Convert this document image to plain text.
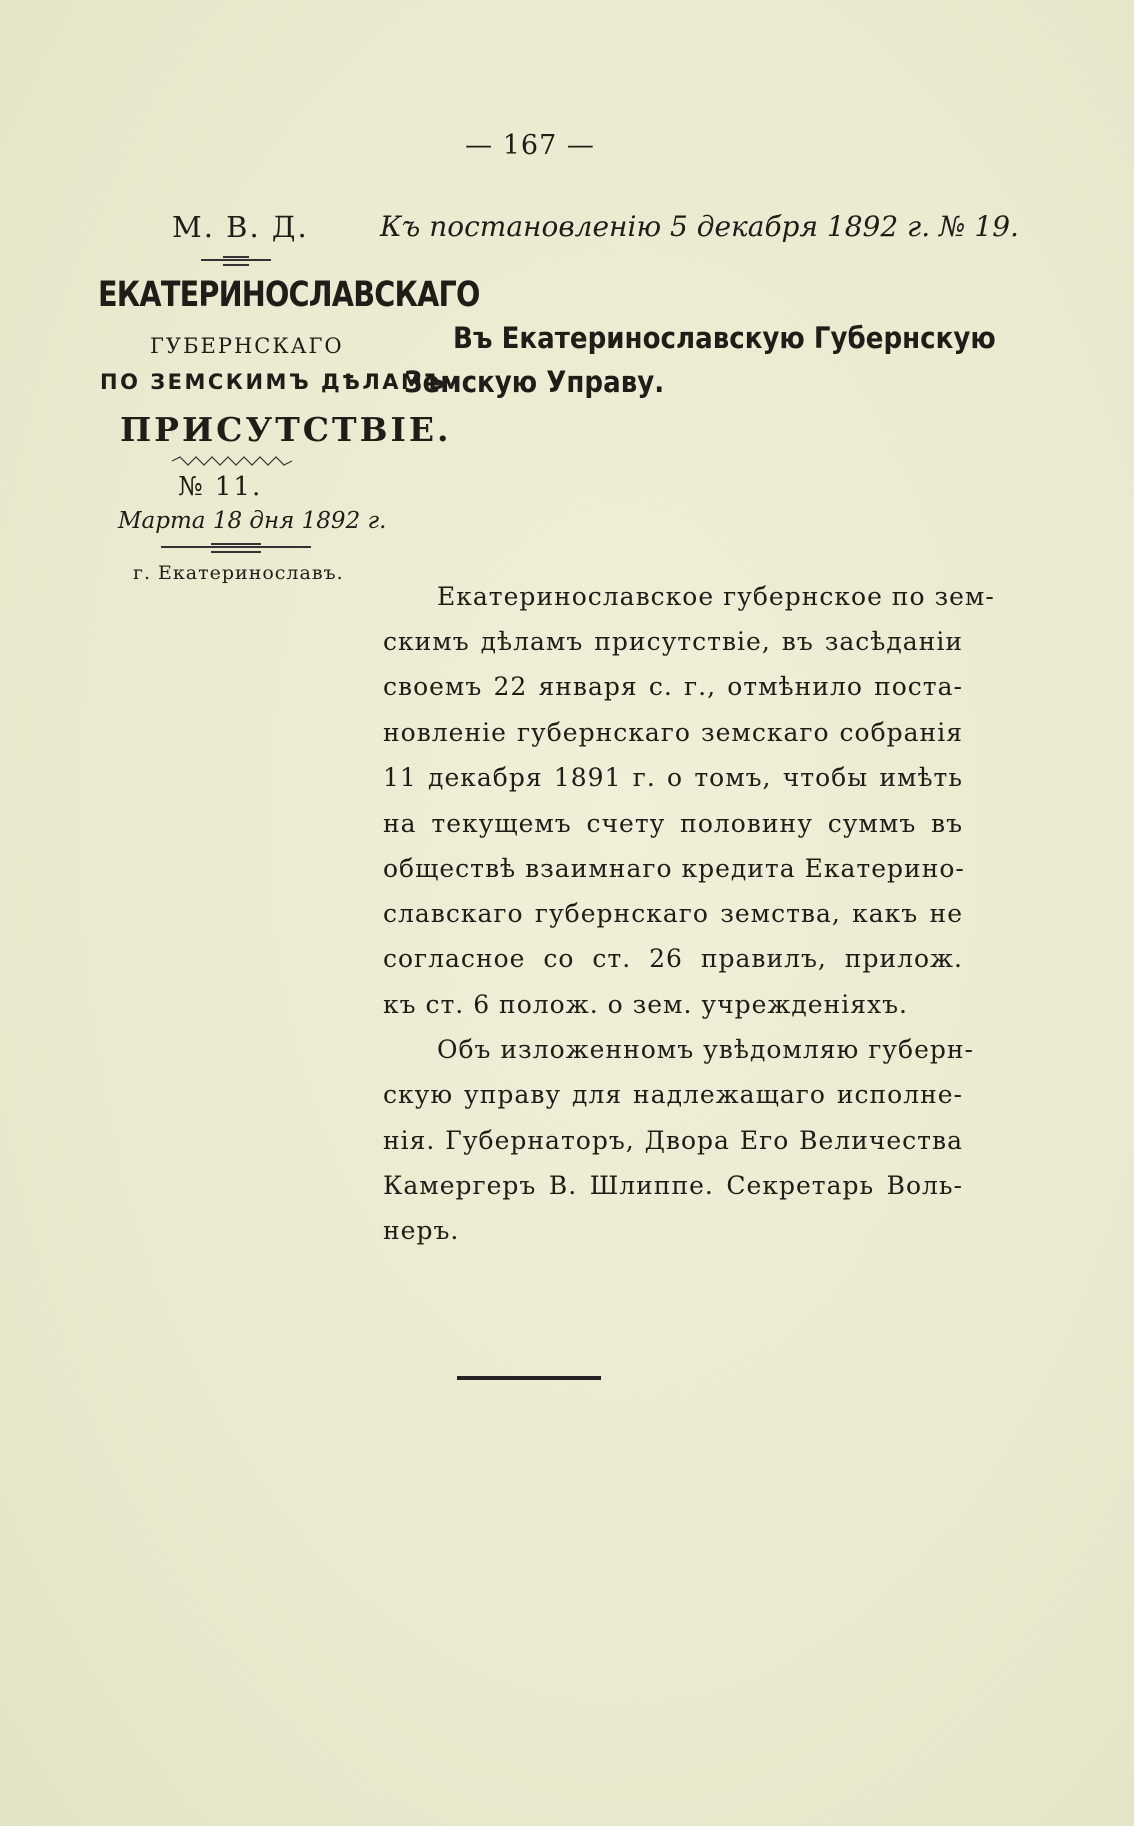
— 167 —
М. В. Д.	Къ постановленію 5 декабря 1892 г. № 19.
ЕКАТЕРИНОСЛАВСКАГО
ГУБЕРНСКАГО
ПО ЗЕМСКИМЪ ДѢЛАМЪ
ПРИСУТСТВІЕ.
№ 11.
Марта 18 дня 1892 г.
г. Екатеринославъ.
Въ Екатеринославскую Губернскую
Земскую Управу.
Екатеринославское губернское по зем-
скимъ дѣламъ присутствіе, въ засѣданіи
своемъ 22 января с. г., отмѣнило поста-
новленіе губернскаго земскаго собранія
11 декабря 1891 г. о томъ, чтобы имѣть
на текущемъ счету половину суммъ въ
обществѣ взаимнаго кредита Екатерино-
славскаго губернскаго земства, какъ не
согласное со ст. 26 правилъ, прилож.
къ ст. 6 полож. о зем. учрежденіяхъ.
Объ изложенномъ увѣдомляю губерн-
скую управу для надлежащаго исполне-
нія. Губернаторъ, Двора Его Величества
Камергеръ В. Шлиппе. Секретарь Воль-
неръ.
